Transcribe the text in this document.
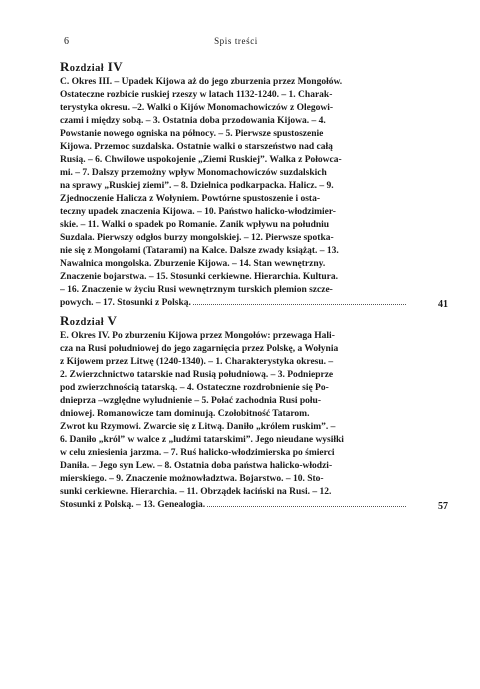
6	Spis treści
Rozdział IV
C. Okres III. – Upadek Kijowa aż do jego zburzenia przez Mongołów.
Ostateczne rozbicie ruskiej rzeszy w latach 1132-1240. – 1. Charak-
terystyka okresu. –2. Walki o Kijów Monomachowiczów z Olegowi-
czami i między sobą. – 3. Ostatnia doba przodowania Kijowa. – 4.
Powstanie nowego ogniska na północy. – 5. Pierwsze spustoszenie
Kijowa. Przemoc suzdalska. Ostatnie walki o starszeństwo nad całą
Rusią. – 6. Chwilowe uspokojenie „Ziemi Ruskiej”. Walka z Połowca-
mi. – 7. Dalszy przemożny wpływ Monomachowiczów suzdalskich
na sprawy „Ruskiej ziemi”. – 8. Dzielnica podkarpacka. Halicz. – 9.
Zjednoczenie Halicza z Wołyniem. Powtórne spustoszenie i osta-
teczny upadek znaczenia Kijowa. – 10. Państwo halicko-włodzimier-
skie. – 11. Walki o spadek po Romanie. Zanik wpływu na południu
Suzdala. Pierwszy odgłos burzy mongolskiej. – 12. Pierwsze spotka-
nie się z Mongołami (Tatarami) na Kalce. Dalsze zwady książąt. – 13.
Nawalnica mongolska. Zburzenie Kijowa. – 14. Stan wewnętrzny.
Znaczenie bojarstwa. – 15. Stosunki cerkiewne. Hierarchia. Kultura.
– 16. Znaczenie w życiu Rusi wewnętrznym turskich plemion szcze-
powych. – 17. Stosunki z Polską.	41
Rozdział V
E. Okres IV. Po zburzeniu Kijowa przez Mongołów: przewaga Hali-
cza na Rusi południowej do jego zagarnięcia przez Polskę, a Wołynia
z Kijowem przez Litwę (1240-1340). – 1. Charakterystyka okresu. –
2. Zwierzchnictwo tatarskie nad Rusią południową. – 3. Podnieprze
pod zwierzchnością tatarską. – 4. Ostateczne rozdrobnienie się Po-
dnieprza –względne wyludnienie – 5. Połać zachodnia Rusi połu-
dniowej. Romanowicze tam dominują. Czołobitność Tatarom.
Zwrot ku Rzymowi. Zwarcie się z Litwą. Daniło „królem ruskim”. –
6. Daniło „król” w walce z „ludźmi tatarskimi”. Jego nieudane wysiłki
w celu zniesienia jarzma. – 7. Ruś halicko-włodzimierska po śmierci
Daniła. – Jego syn Lew. – 8. Ostatnia doba państwa halicko-włodzi-
mierskiego. – 9. Znaczenie możnowładztwa. Bojarstwo. – 10. Sto-
sunki cerkiewne. Hierarchia. – 11. Obrządek łaciński na Rusi. – 12.
Stosunki z Polską. – 13. Genealogia.	57
